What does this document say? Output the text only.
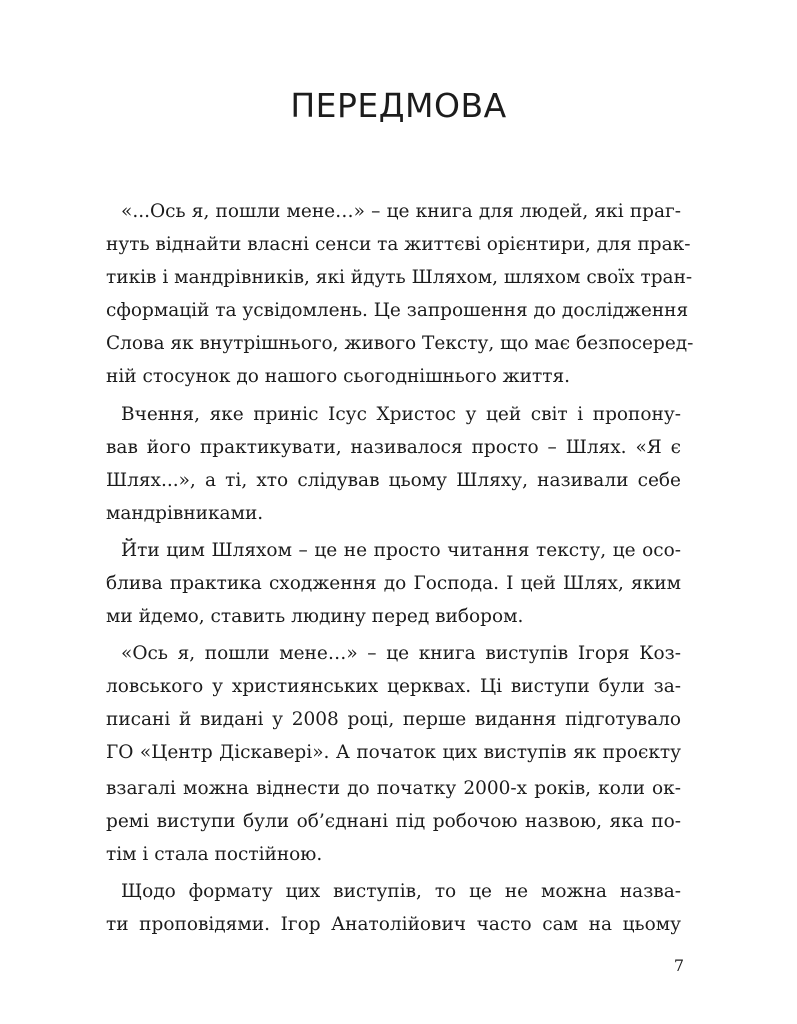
ПЕРЕДМОВА

«...Ось я, пошли мене…» – це книга для людей, які праг-

нуть віднайти власні сенси та життєві орієнтири, для прак-

тиків і мандрівників, які йдуть Шляхом, шляхом своїх тран-

сформацій та усвідомлень. Це запрошення до дослідження

Слова як внутрішнього, живого Тексту, що має безпосеред-

ній стосунок до нашого сьогоднішнього життя.

Вчення, яке приніс Ісус Христос у цей світ і пропону-

вав його практикувати, називалося просто – Шлях. «Я є

Шлях...», а ті, хто слідував цьому Шляху, називали себе

мандрівниками.

Йти цим Шляхом – це не просто читання тексту, це осо-

блива практика сходження до Господа. І цей Шлях, яким

ми йдемо, ставить людину перед вибором.

«Ось я, пошли мене…» – це книга виступів Ігоря Коз-

ловського у християнських церквах. Ці виступи були за-

писані й видані у 2008 році, перше видання підготувало

ГО «Центр Діскавері». А початок цих виступів як проєкту

взагалі можна віднести до початку 2000-х років, коли ок-

ремі виступи були об’єднані під робочою назвою, яка по-

тім і стала постійною.

Щодо формату цих виступів, то це не можна назва-

ти проповідями. Ігор Анатолійович часто сам на цьому

7
